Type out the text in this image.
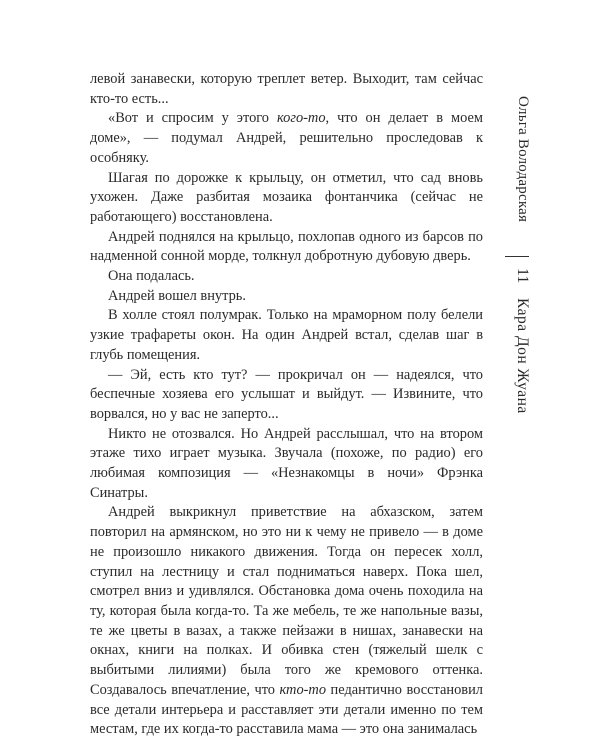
левой занавески, которую треплет ветер. Выходит, там сейчас кто-то есть...

«Вот и спросим у этого кого-то, что он делает в моем доме», — подумал Андрей, решительно проследовав к особняку.

Шагая по дорожке к крыльцу, он отметил, что сад вновь ухожен. Даже разбитая мозаика фонтанчика (сейчас не работающего) восстановлена.

Андрей поднялся на крыльцо, похлопав одного из барсов по надменной сонной морде, толкнул добротную дубовую дверь.

Она подалась.

Андрей вошел внутрь.

В холле стоял полумрак. Только на мраморном полу белели узкие трафареты окон. На один Андрей встал, сделав шаг в глубь помещения.

— Эй, есть кто тут? — прокричал он — надеялся, что беспечные хозяева его услышат и выйдут. — Извините, что ворвался, но у вас не заперто...

Никто не отозвался. Но Андрей расслышал, что на втором этаже тихо играет музыка. Звучала (похоже, по радио) его любимая композиция — «Незнакомцы в ночи» Фрэнка Синатры.

Андрей выкрикнул приветствие на абхазском, затем повторил на армянском, но это ни к чему не привело — в доме не произошло никакого движения. Тогда он пересек холл, ступил на лестницу и стал подниматься наверх. Пока шел, смотрел вниз и удивлялся. Обстановка дома очень походила на ту, которая была когда-то. Та же мебель, те же напольные вазы, те же цветы в вазах, а также пейзажи в нишах, занавески на окнах, книги на полках. И обивка стен (тяжелый шелк с выбитыми лилиями) была того же кремового оттенка. Создавалось впечатление, что кто-то педантично восстановил все детали интерьера и расставляет эти детали именно по тем местам, где их когда-то расставила мама — это она занималась

Ольга Володарская
11
Кара Дон Жуана
